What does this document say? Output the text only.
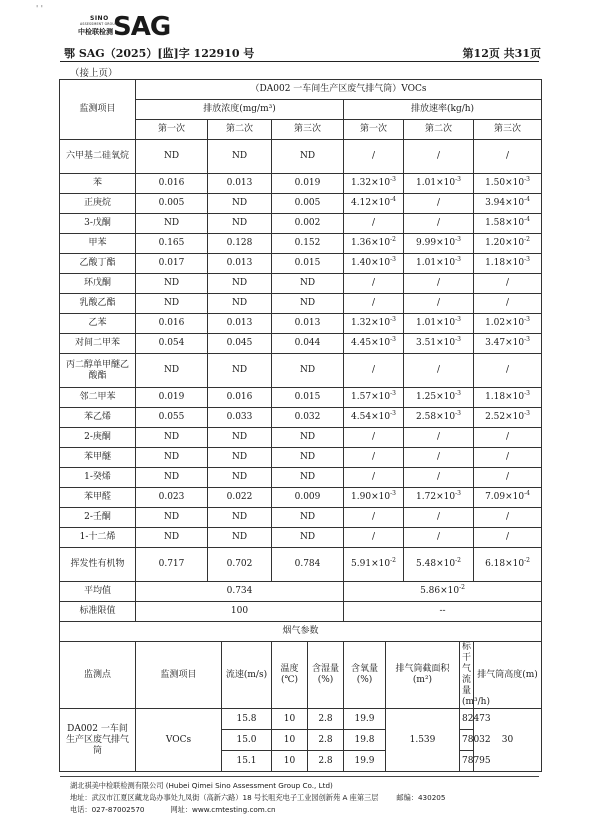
' '
SINO
ASSESSMENT GROUP
中检联检测 SAG
鄂 SAG（2025）[监]字 122910 号	第12页 共31页
（接上页）
监测项目	（DA002 一车间生产区废气排气筒）VOCs									
	排放浓度(mg/m³)					排放速率(kg/h)				
	第一次	第二次		第三次		第一次		第二次		第三次
六甲基二硅氧烷	ND	ND		ND		/		/		/
苯	0.016	0.013		0.019		$1.32\times 10^{-3}$		$1.01\times 10^{-3}$		$1.50\times 10^{-3}$
正庚烷	0.005	ND		0.005		$4.12\times 10^{-4}$		/		$3.94\times 10^{-4}$
3-戊酮	ND	ND		0.002		/		/		$1.58\times 10^{-4}$
甲苯	0.165	0.128		0.152		$1.36\times 10^{-2}$		$9.99\times 10^{-3}$		$1.20\times 10^{-2}$
乙酸丁酯	0.017	0.013		0.015		$1.40\times 10^{-3}$		$1.01\times 10^{-3}$		$1.18\times 10^{-3}$
环戊酮	ND	ND		ND		/		/		/
乳酸乙酯	ND	ND		ND		/		/		/
乙苯	0.016	0.013		0.013		$1.32\times 10^{-3}$		$1.01\times 10^{-3}$		$1.02\times 10^{-3}$
对间二甲苯	0.054	0.045		0.044		$4.45\times 10^{-3}$		$3.51\times 10^{-3}$		$3.47\times 10^{-3}$
丙二醇单甲醚乙酸酯	ND	ND		ND		/		/		/
邻二甲苯	0.019	0.016		0.015		$1.57\times 10^{-3}$		$1.25\times 10^{-3}$		$1.18\times 10^{-3}$
苯乙烯	0.055	0.033		0.032		$4.54\times 10^{-3}$		$2.58\times 10^{-3}$		$2.52\times 10^{-3}$
2-庚酮	ND	ND		ND		/		/		/
苯甲醚	ND	ND		ND		/		/		/
1-癸烯	ND	ND		ND		/		/		/
苯甲醛	0.023	0.022		0.009		$1.90\times 10^{-3}$		$1.72\times 10^{-3}$		$7.09\times 10^{-4}$
2-壬酮	ND	ND		ND		/		/		/
1-十二烯	ND	ND		ND		/		/		/
挥发性有机物	0.717	0.702		0.784		$5.91\times 10^{-2}$		$5.48\times 10^{-2}$		$6.18\times 10^{-2}$
平均值	0.734					$5.86\times 10^{-2}$
标准限值	100					--				
烟气参数										
监测点	监测项目		流速(m/s)	温度(℃)	含湿量(%)	含氧量(%)	排气筒截面积(m²)		标干气流量(m³/h)	排气筒高度(m)
DA002 一车间生产区废气排气筒	VOCs		15.8	10	2.8	19.9	1.539		82473	30
			15.0	10	2.8	19.8			78032	
			15.1	10	2.8	19.9			78795	
湖北祺美中检联检测有限公司 (Hubei Qimei Sino Assessment Group Co., Ltd)
地址：武汉市江夏区藏龙岛办事处九凤街（高新六路）18 号长咀充电子工业园创新苑 A 座第三层	邮编：430205
电话：027-87002570	网址：www.cmtesting.com.cn
